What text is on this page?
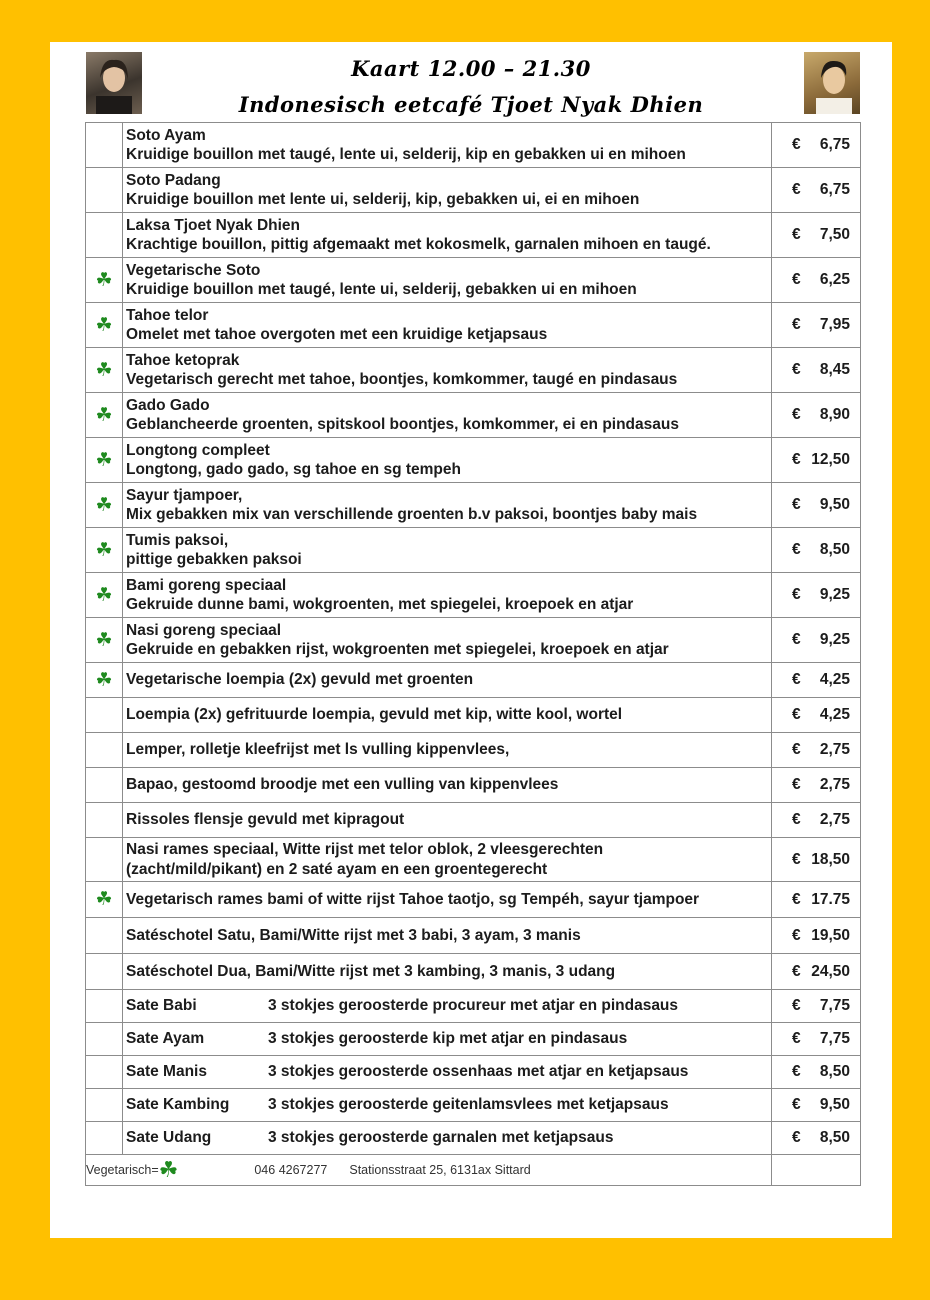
Kaart 12.00 – 21.30
Indonesisch eetcafé Tjoet Nyak Dhien

	Soto Ayam
Kruidige bouillon met taugé, lente ui, selderij, kip en gebakken ui en mihoen	€ 6,75

	Soto Padang
Kruidige bouillon met lente ui, selderij, kip, gebakken ui, ei en mihoen	€ 6,75

	Laksa Tjoet Nyak Dhien
Krachtige bouillon, pittig afgemaakt met kokosmelk, garnalen mihoen en taugé.	€ 7,50

☘	Vegetarische Soto
Kruidige bouillon met taugé, lente ui, selderij, gebakken ui en mihoen	€ 6,25

☘	Tahoe telor
Omelet met tahoe overgoten met een kruidige ketjapsaus	€ 7,95

☘	Tahoe ketoprak
Vegetarisch gerecht met tahoe, boontjes, komkommer, taugé en pindasaus	€ 8,45

☘	Gado Gado
Geblancheerde groenten, spitskool boontjes, komkommer, ei en pindasaus	€ 8,90

☘	Longtong compleet
Longtong, gado gado, sg tahoe en sg tempeh	€ 12,50

☘	Sayur tjampoer,
Mix gebakken mix van verschillende groenten b.v paksoi, boontjes baby mais	€ 9,50

☘	Tumis paksoi,
pittige gebakken paksoi	€ 8,50

☘	Bami goreng speciaal
Gekruide dunne bami, wokgroenten, met spiegelei, kroepoek en atjar	€ 9,25

☘	Nasi goreng speciaal
Gekruide en gebakken rijst, wokgroenten met spiegelei, kroepoek en atjar	€ 9,25

☘	Vegetarische loempia (2x) gevuld met groenten	€ 4,25

	Loempia (2x) gefrituurde loempia, gevuld met kip, witte kool, wortel	€ 4,25

	Lemper, rolletje kleefrijst met ls vulling kippenvlees,	€ 2,75

	Bapao, gestoomd broodje met een vulling van kippenvlees	€ 2,75

	Rissoles flensje gevuld met kipragout	€ 2,75

	Nasi rames speciaal, Witte rijst met telor oblok, 2 vleesgerechten
(zacht/mild/pikant) en 2 saté ayam en een groentegerecht	€ 18,50

☘	Vegetarisch rames bami of witte rijst Tahoe taotjo, sg Tempéh, sayur tjampoer	€ 17.75

	Satéschotel Satu, Bami/Witte rijst met 3 babi, 3 ayam, 3 manis	€ 19,50

	Satéschotel Dua, Bami/Witte rijst met 3 kambing, 3 manis, 3 udang	€ 24,50

	Sate Babi 3 stokjes geroosterde procureur met atjar en pindasaus	€ 7,75

	Sate Ayam 3 stokjes geroosterde kip met atjar en pindasaus	€ 7,75

	Sate Manis 3 stokjes geroosterde ossenhaas met atjar en ketjapsaus	€ 8,50

	Sate Kambing 3 stokjes geroosterde geitenlamsvlees met ketjapsaus	€ 9,50

	Sate Udang 3 stokjes geroosterde garnalen met ketjapsaus	€ 8,50

Vegetarisch=☘ 046 4267277 Stationsstraat 25, 6131ax Sittard		
